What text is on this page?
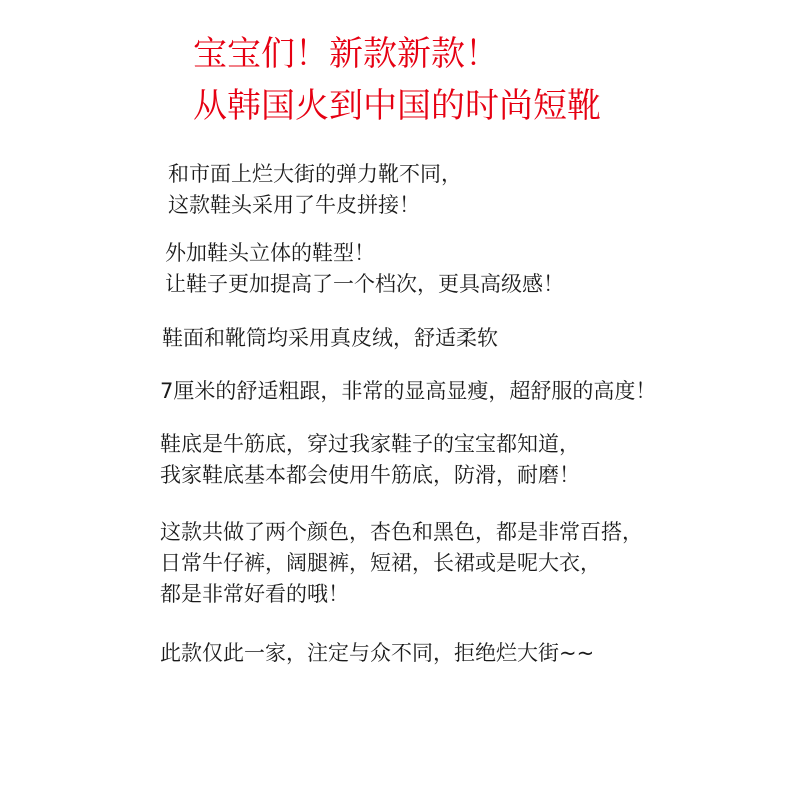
宝宝们！新款新款！
从韩国火到中国的时尚短靴
和市面上烂大街的弹力靴不同，
这款鞋头采用了牛皮拼接！
外加鞋头立体的鞋型！
让鞋子更加提高了一个档次，更具高级感！
鞋面和靴筒均采用真皮绒，舒适柔软
7厘米的舒适粗跟，非常的显高显瘦，超舒服的高度！
鞋底是牛筋底，穿过我家鞋子的宝宝都知道，
我家鞋底基本都会使用牛筋底，防滑，耐磨！
这款共做了两个颜色，杏色和黑色，都是非常百搭，
日常牛仔裤，阔腿裤，短裙，长裙或是呢大衣，
都是非常好看的哦！
此款仅此一家，注定与众不同，拒绝烂大街~~
